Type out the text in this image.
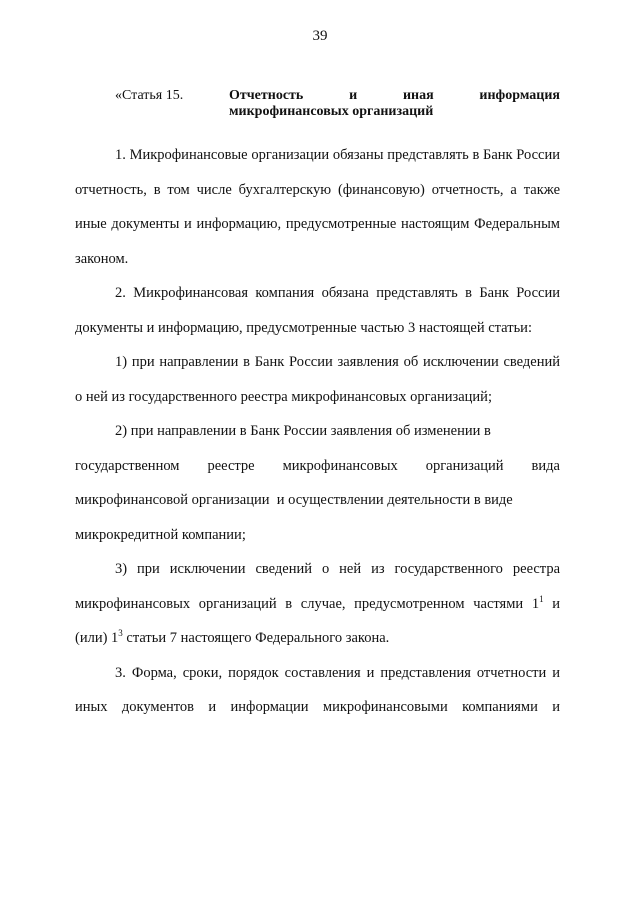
39
«Статья 15.	Отчетность	и	иная	информация
микрофинансовых организаций

1. Микрофинансовые организации обязаны представлять в Банк России отчетность, в том числе бухгалтерскую (финансовую) отчетность, а также иные документы и информацию, предусмотренные настоящим Федеральным законом.

2. Микрофинансовая компания обязана представлять в Банк России документы и информацию, предусмотренные частью 3 настоящей статьи:

1) при направлении в Банк России заявления об исключении сведений о ней из государственного реестра микрофинансовых организаций;

2) при направлении в Банк России заявления об изменении в

государственном реестре микрофинансовых организаций вида
микрофинансовой организации  и осуществлении деятельности в виде
микрокредитной компании;

3) при исключении сведений о ней из государственного реестра микрофинансовых организаций в случае, предусмотренном частями $1^1$ и (или) $1^3$ статьи 7 настоящего Федерального закона.

3. Форма, сроки, порядок составления и представления отчетности и иных документов и информации микрофинансовыми компаниями и
